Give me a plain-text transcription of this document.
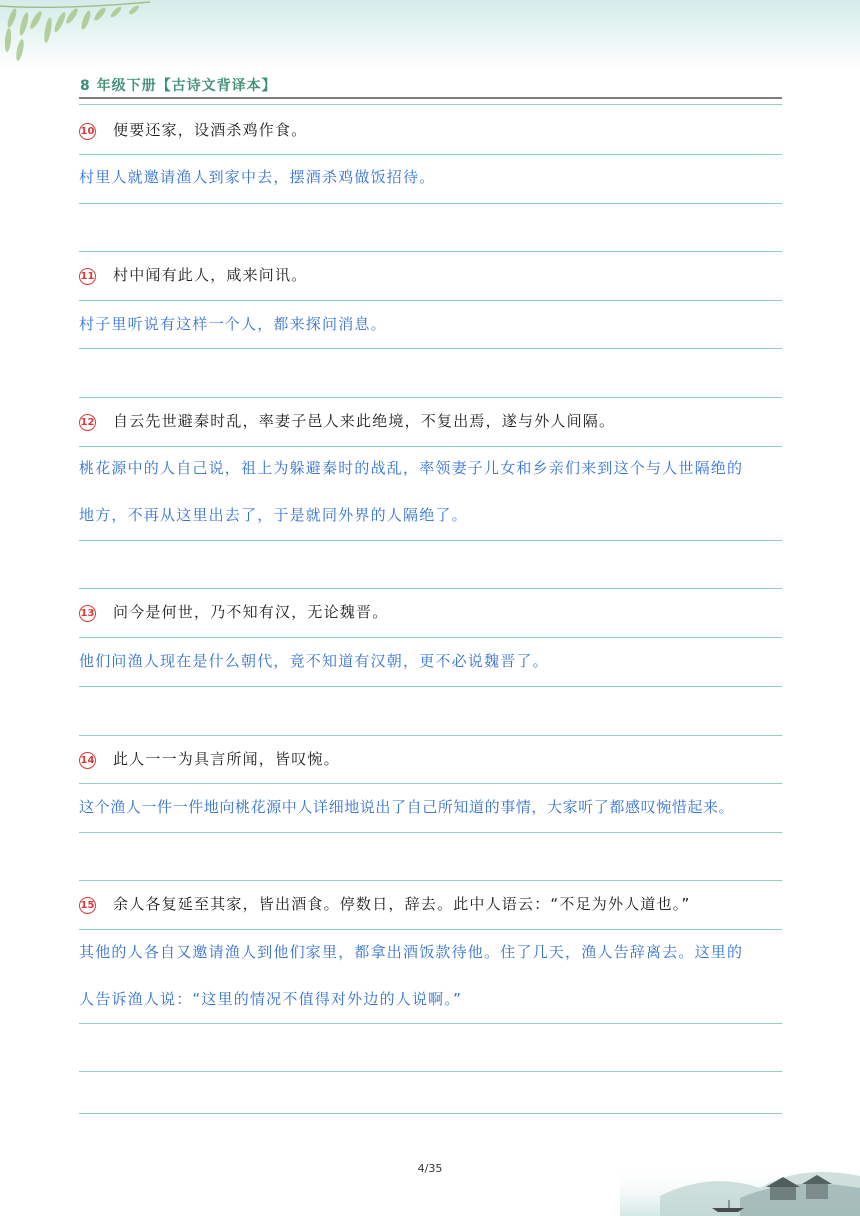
8 年级下册【古诗文背译本】
10 便要还家，设酒杀鸡作食。
村里人就邀请渔人到家中去，摆酒杀鸡做饭招待。
11 村中闻有此人，咸来问讯。
村子里听说有这样一个人，都来探问消息。
12 自云先世避秦时乱，率妻子邑人来此绝境，不复出焉，遂与外人间隔。
桃花源中的人自己说，祖上为躲避秦时的战乱，率领妻子儿女和乡亲们来到这个与人世隔绝的
地方，不再从这里出去了，于是就同外界的人隔绝了。
13 问今是何世，乃不知有汉，无论魏晋。
他们问渔人现在是什么朝代，竟不知道有汉朝，更不必说魏晋了。
14 此人一一为具言所闻，皆叹惋。
这个渔人一件一件地向桃花源中人详细地说出了自己所知道的事情，大家听了都感叹惋惜起来。
15 余人各复延至其家，皆出酒食。停数日，辞去。此中人语云：“不足为外人道也。”
其他的人各自又邀请渔人到他们家里，都拿出酒饭款待他。住了几天，渔人告辞离去。这里的
人告诉渔人说：“这里的情况不值得对外边的人说啊。”
4/35
